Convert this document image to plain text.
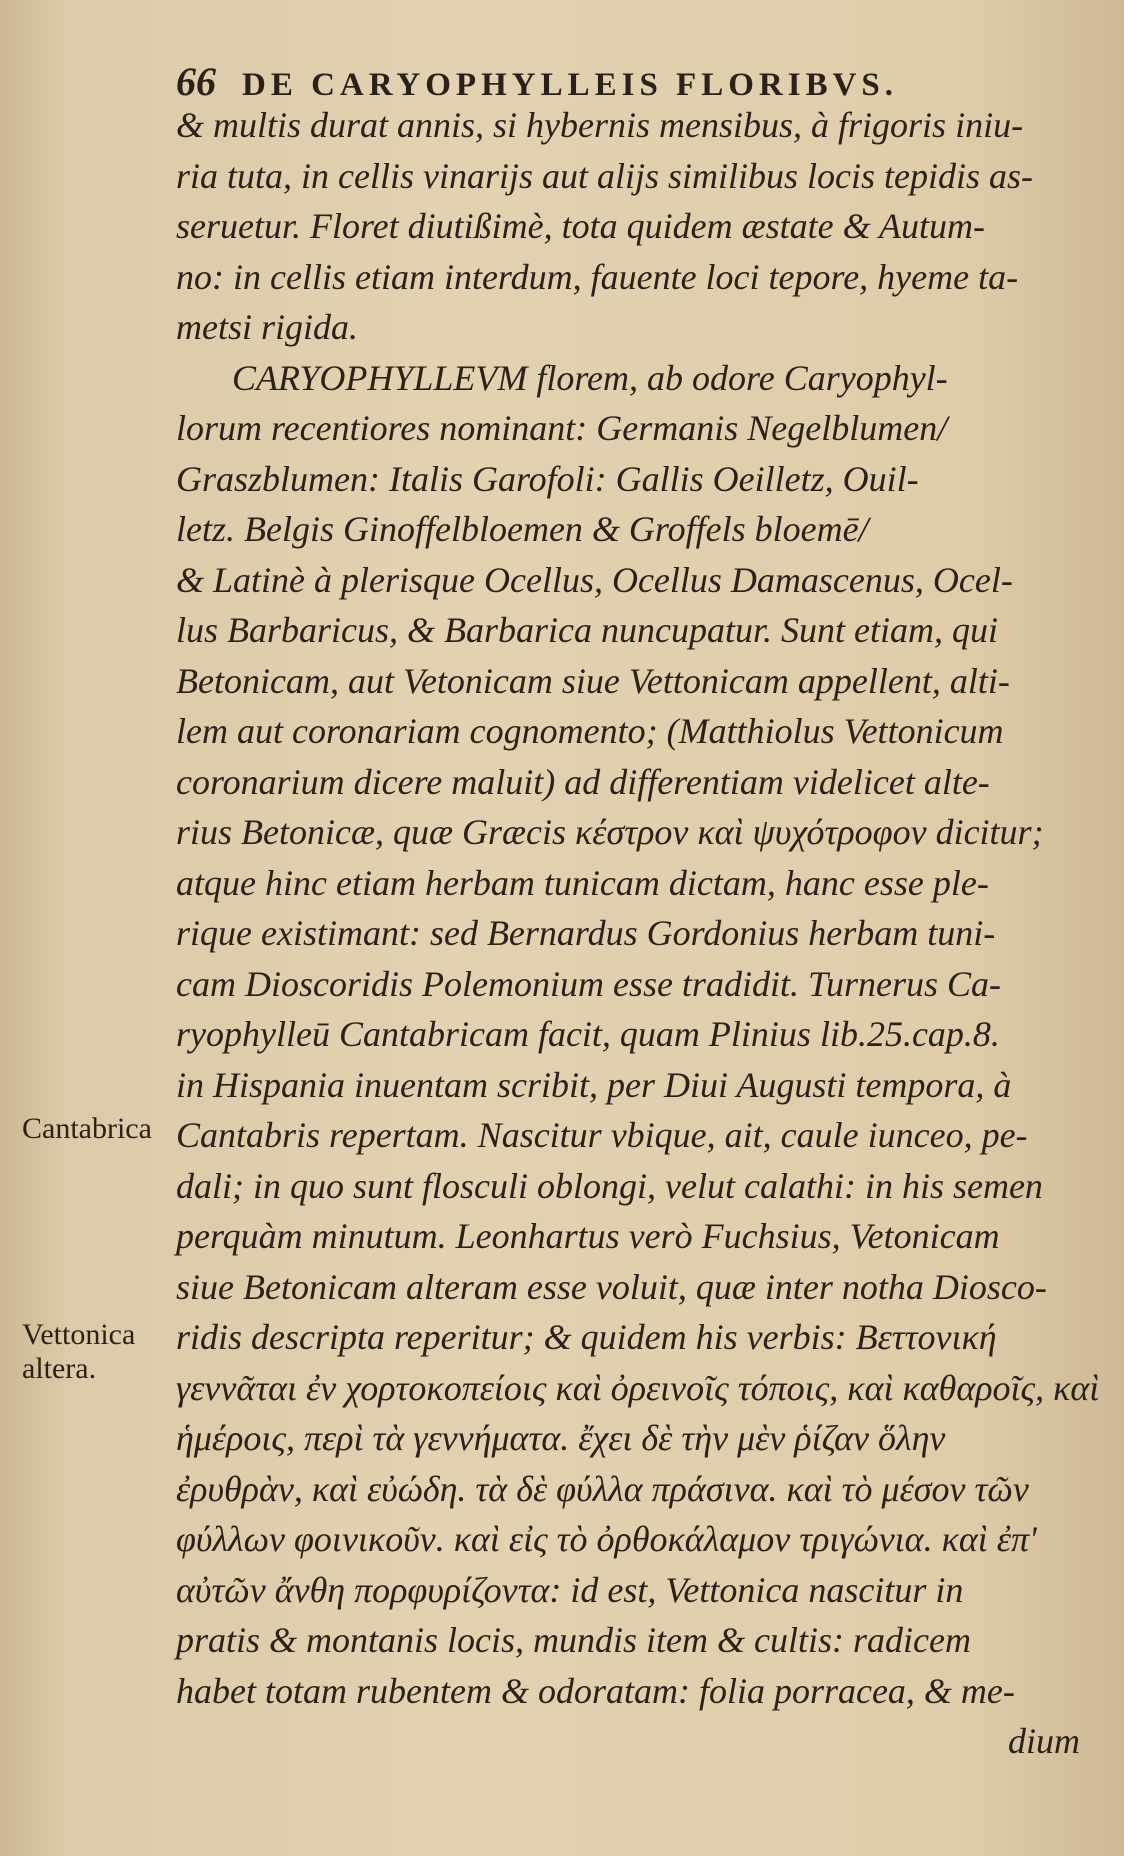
66 DE CARYOPHYLLEIS FLORIBVS.
& multis durat annis, si hybernis mensibus, à frigoris iniu-
ria tuta, in cellis vinarijs aut alijs similibus locis tepidis as-
seruetur. Floret diutißimè, tota quidem æstate & Autum-
no: in cellis etiam interdum, fauente loci tepore, hyeme ta-
metsi rigida.
CARYOPHYLLEVM florem, ab odore Caryophyl-
lorum recentiores nominant: Germanis Negelblumen/
Graszblumen: Italis Garofoli: Gallis Oeilletz, Ouil-
letz. Belgis Ginoffelbloemen & Groffels bloemē/
& Latinè à plerisque Ocellus, Ocellus Damascenus, Ocel-
lus Barbaricus, & Barbarica nuncupatur. Sunt etiam, qui
Betonicam, aut Vetonicam siue Vettonicam appellent, alti-
lem aut coronariam cognomento; (Matthiolus Vettonicum
coronarium dicere maluit) ad differentiam videlicet alte-
rius Betonicæ, quæ Græcis κέστρον καὶ ψυχότροφον dicitur;
atque hinc etiam herbam tunicam dictam, hanc esse ple-
rique existimant: sed Bernardus Gordonius herbam tuni-
cam Dioscoridis Polemonium esse tradidit. Turnerus Ca-
ryophylleū Cantabricam facit, quam Plinius lib.25.cap.8.
in Hispania inuentam scribit, per Diui Augusti tempora, à
Cantabris repertam. Nascitur vbique, ait, caule iunceo, pe-
dali; in quo sunt flosculi oblongi, velut calathi: in his semen
perquàm minutum. Leonhartus verò Fuchsius, Vetonicam
siue Betonicam alteram esse voluit, quæ inter notha Diosco-
ridis descripta reperitur; & quidem his verbis: Βεττονική
γεννᾶται ἐν χορτοκοπείοις καὶ ὀρεινοῖς τόποις, καὶ καθαροῖς, καὶ
ἡμέροις, περὶ τὰ γεννήματα. ἔχει δὲ τὴν μὲν ῥίζαν ὅλην
ἐρυθρὰν, καὶ εὐώδη. τὰ δὲ φύλλα πράσινα. καὶ τὸ μέσον τῶν
φύλλων φοινικοῦν. καὶ εἰς τὸ ὀρθοκάλαμον τριγώνια. καὶ ἐπ'
αὐτῶν ἄνθη πορφυρίζοντα: id est, Vettonica nascitur in
pratis & montanis locis, mundis item & cultis: radicem
habet totam rubentem & odoratam: folia porracea, & me-
dium
Cantabrica
Vettonica
altera.
